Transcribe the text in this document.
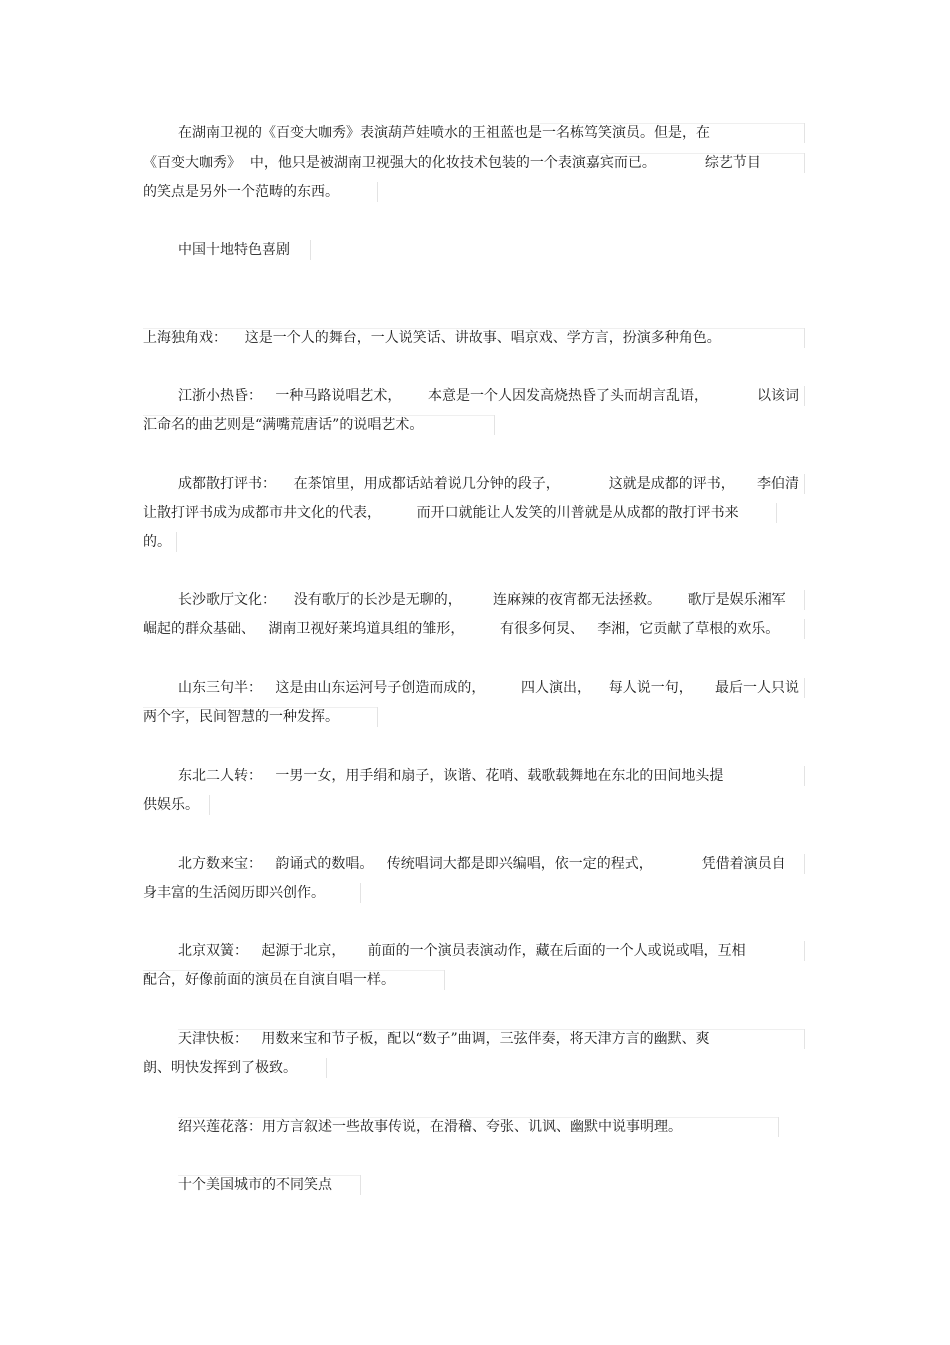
在湖南卫视的《百变大咖秀》表演葫芦娃喷水的王祖蓝也是一名栋笃笑演员。但是，在
《百变大咖秀》  中，他只是被湖南卫视强大的化妆技术包装的一个表演嘉宾而已。           综艺节目
的笑点是另外一个范畴的东西。
中国十地特色喜剧
上海独角戏：    这是一个人的舞台，一人说笑话、讲故事、唱京戏、学方言，扮演多种角色。
江浙小热昏：   一种马路说唱艺术，      本意是一个人因发高烧热昏了头而胡言乱语，           以该词
汇命名的曲艺则是“满嘴荒唐话”的说唱艺术。
成都散打评书：    在茶馆里，用成都话站着说几分钟的段子，           这就是成都的评书，     李伯清
让散打评书成为成都市井文化的代表，        而开口就能让人发笑的川普就是从成都的散打评书来
的。
长沙歌厅文化：    没有歌厅的长沙是无聊的，       连麻辣的夜宵都无法拯救。      歌厅是娱乐湘军
崛起的群众基础、   湖南卫视好莱坞道具组的雏形，        有很多何炅、   李湘，它贡献了草根的欢乐。
山东三句半：   这是由山东运河号子创造而成的，        四人演出，    每人说一句，     最后一人只说
两个字，民间智慧的一种发挥。
东北二人转：   一男一女，用手绢和扇子，诙谐、花哨、载歌载舞地在东北的田间地头提
供娱乐。
北方数来宝：   韵诵式的数唱。   传统唱词大都是即兴编唱，依一定的程式，           凭借着演员自
身丰富的生活阅历即兴创作。
北京双簧：   起源于北京，     前面的一个演员表演动作，藏在后面的一个人或说或唱，互相
配合，好像前面的演员在自演自唱一样。
天津快板：   用数来宝和节子板，配以“数子”曲调，三弦伴奏，将天津方言的幽默、爽
朗、明快发挥到了极致。
绍兴莲花落：用方言叙述一些故事传说，在滑稽、夸张、讥讽、幽默中说事明理。
十个美国城市的不同笑点
